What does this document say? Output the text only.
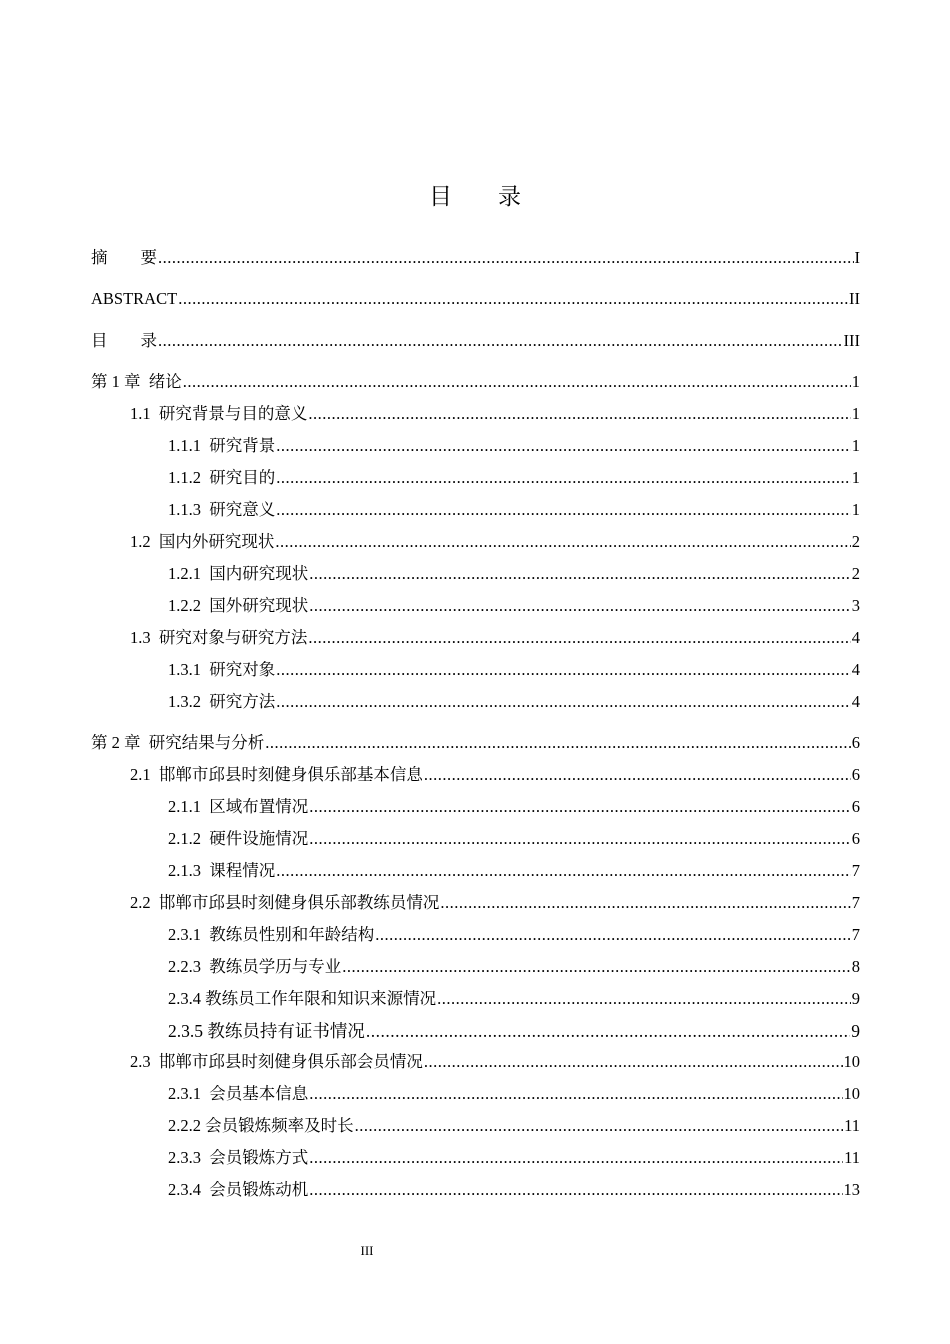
目 录
摘　　要 .....	I
ABSTRACT .....	II
目　　录 .....	III
第 1 章  绪论 .....	1
1.1  研究背景与目的意义 .....	1
1.1.1  研究背景 .....	1
1.1.2  研究目的 .....	1
1.1.3  研究意义 .....	1
1.2  国内外研究现状 .....	2
1.2.1  国内研究现状 .....	2
1.2.2  国外研究现状 .....	3
1.3  研究对象与研究方法 .....	4
1.3.1  研究对象 .....	4
1.3.2  研究方法 .....	4
第 2 章  研究结果与分析 .....	6
2.1  邯郸市邱县时刻健身俱乐部基本信息 .....	6
2.1.1  区域布置情况 .....	6
2.1.2  硬件设施情况 .....	6
2.1.3  课程情况 .....	7
2.2  邯郸市邱县时刻健身俱乐部教练员情况 .....	7
2.3.1  教练员性别和年龄结构 .....	7
2.2.3  教练员学历与专业 .....	8
2.3.4 教练员工作年限和知识来源情况 .....	9
2.3.5 教练员持有证书情况 .....	9
2.3  邯郸市邱县时刻健身俱乐部会员情况 .....	10
2.3.1  会员基本信息 .....	10
2.2.2 会员锻炼频率及时长 .....	11
2.3.3  会员锻炼方式 .....	11
2.3.4  会员锻炼动机 .....	13
III
